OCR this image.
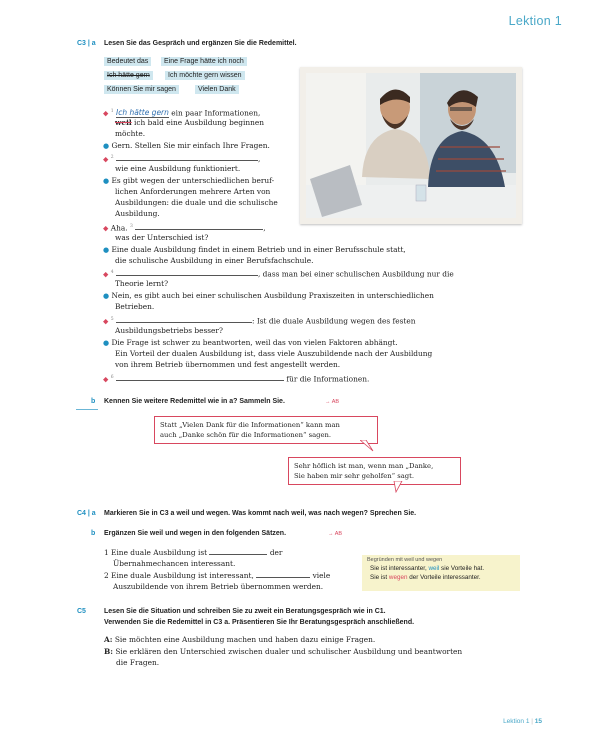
Lektion 1
C3 | a Lesen Sie das Gespräch und ergänzen Sie die Redemittel.
Bedeutet das	Eine Frage hätte ich noch
Ich hätte gern	Ich möchte gern wissen
Können Sie mir sagen	Vielen Dank
◆ $^1$ Ich hätte gern ein paar Informationen,
weil ich bald eine Ausbildung beginnen
möchte.
● Gern. Stellen Sie mir einfach Ihre Fragen.
◆ $^2$	,
wie eine Ausbildung funktioniert.
● Es gibt wegen der unterschiedlichen beruf-
lichen Anforderungen mehrere Arten von
Ausbildungen: die duale und die schulische
Ausbildung.
◆ Aha. $^3$	,
was der Unterschied ist?
● Eine duale Ausbildung findet in einem Betrieb und in einer Berufsschule statt,
die schulische Ausbildung in einer Berufsfachschule.
◆ $^4$	, dass man bei einer schulischen Ausbildung nur die
Theorie lernt?
● Nein, es gibt auch bei einer schulischen Ausbildung Praxiszeiten in unterschiedlichen
Betrieben.
◆ $^5$	: Ist die duale Ausbildung wegen des festen
Ausbildungsbetriebs besser?
● Die Frage ist schwer zu beantworten, weil das von vielen Faktoren abhängt.
Ein Vorteil der dualen Ausbildung ist, dass viele Auszubildende nach der Ausbildung
von ihrem Betrieb übernommen und fest angestellt werden.
◆ $^6$	für die Informationen.
b Kennen Sie weitere Redemittel wie in a? Sammeln Sie.	→ AB
Statt „Vielen Dank für die Informationen“ kann man
auch „Danke schön für die Informationen“ sagen.
Sehr höflich ist man, wenn man „Danke,
Sie haben mir sehr geholfen“ sagt.
C4 | a Markieren Sie in C3 a weil und wegen. Was kommt nach weil, was nach wegen? Sprechen Sie.
b Ergänzen Sie weil und wegen in den folgenden Sätzen.	→ AB
1 Eine duale Ausbildung ist	der
Übernahmechancen interessant.
2 Eine duale Ausbildung ist interessant,	viele
Auszubildende von ihrem Betrieb übernommen werden.
Begründen mit weil und wegen
Sie ist interessanter, weil sie Vorteile hat.
Sie ist wegen der Vorteile interessanter.
C5	Lesen Sie die Situation und schreiben Sie zu zweit ein Beratungsgespräch wie in C1.
Verwenden Sie die Redemittel in C3 a. Präsentieren Sie Ihr Beratungsgespräch anschließend.
A: Sie möchten eine Ausbildung machen und haben dazu einige Fragen.
B: Sie erklären den Unterschied zwischen dualer und schulischer Ausbildung und beantworten
die Fragen.
Lektion 1 | 15
